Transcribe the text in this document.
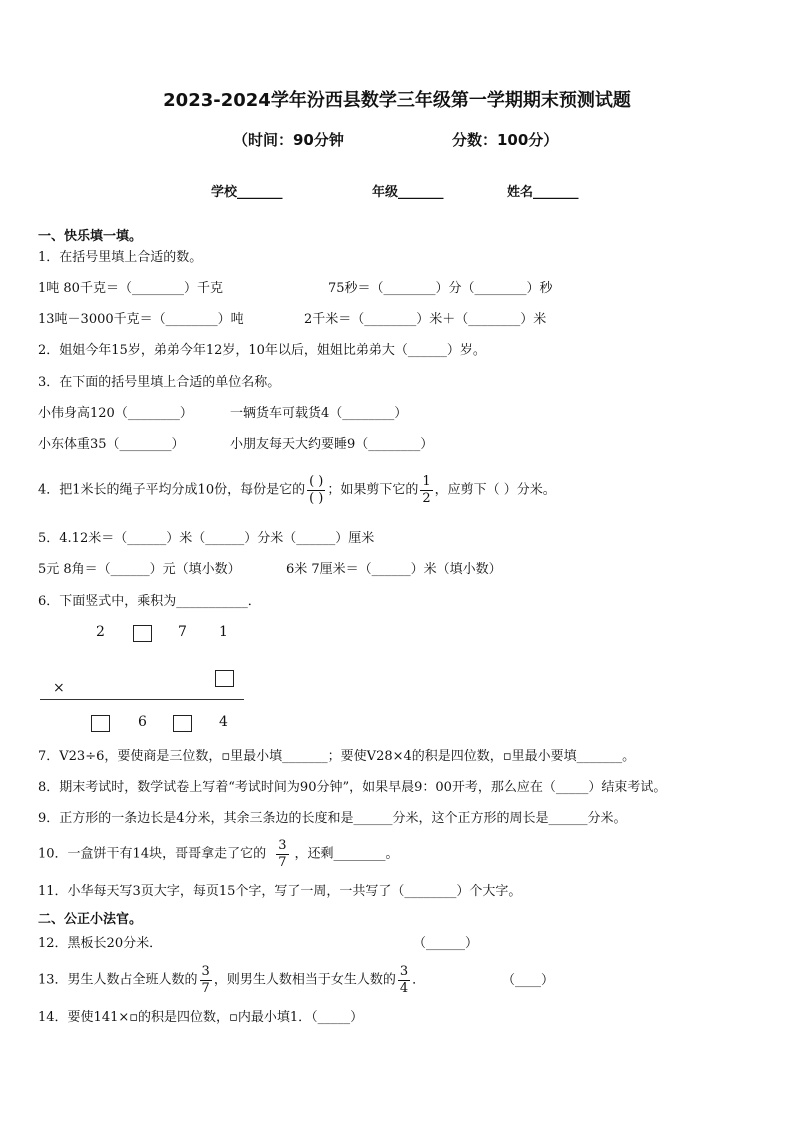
2023-2024学年汾西县数学三年级第一学期期末预测试题
（时间：90分钟	分数：100分）
学校_______	年级_______	姓名_______
一、快乐填一填。
1．在括号里填上合适的数。
1吨 80千克＝（________）千克	75秒＝（________）分（________）秒
13吨－3000千克＝（________）吨	2千米＝（________）米＋（________）米
2．姐姐今年15岁，弟弟今年12岁，10年以后，姐姐比弟弟大（______）岁。
3．在下面的括号里填上合适的单位名称。
小伟身高120（________）	一辆货车可载货4（________）
小东体重35（________）	小朋友每天大约要睡9（________）
4．把1米长的绳子平均分成10份，每份是它的 $\frac{( )}{( )}$ ；如果剪下它的 $\frac{1}{2}$ ，应剪下（ ）分米。
5．4.12米＝（______）米（______）分米（______）厘米
5元 8角＝（______）元（填小数）	6米 7厘米＝（______）米（填小数）
6．下面竖式中，乘积为___________．
2	7 1
×
6	4
7．V23÷6，要使商是三位数，▫里最小填_______；要使V28×4的积是四位数，▫里最小要填_______。
8．期末考试时，数学试卷上写着“考试时间为90分钟”，如果早晨9：00开考，那么应在（_____）结束考试。
9．正方形的一条边长是4分米，其余三条边的长度和是______分米，这个正方形的周长是______分米。
10．一盒饼干有14块，哥哥拿走了它的 $\frac{3}{7}$ ，还剩________。
11．小华每天写3页大字，每页15个字，写了一周，一共写了（________）个大字。
二、公正小法官。
12．黑板长20分米．	（______）
13．男生人数占全班人数的 $\frac{3}{7}$ ，则男生人数相当于女生人数的 $\frac{3}{4}$ ．	（____）
14．要使141×▫的积是四位数，▫内最小填1．（_____）
